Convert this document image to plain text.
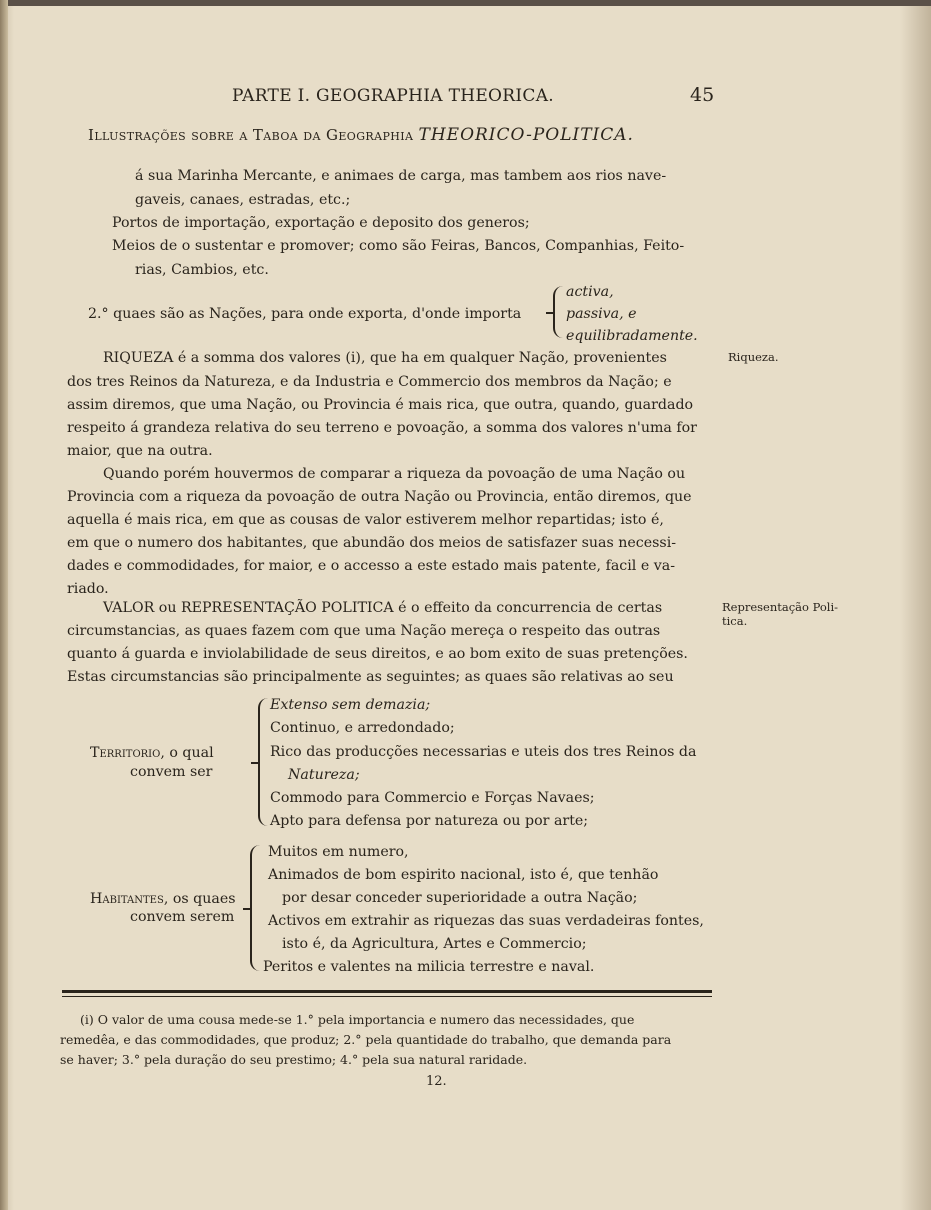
PARTE I. GEOGRAPHIA THEORICA.	45
Illustrações sobre a Taboa da Geographia THEORICO-POLITICA.
á sua Marinha Mercante, e animaes de carga, mas tambem aos rios nave-
gaveis, canaes, estradas, etc.;
Portos de importação, exportação e deposito dos generos;
Meios de o sustentar e promover; como são Feiras, Bancos, Companhias, Feito-
rias, Cambios, etc.
2.° quaes são as Nações, para onde exporta, d'onde importa
activa,
passiva, e
equilibradamente.
RIQUEZA é a somma dos valores (i), que ha em qualquer Nação, provenientes
dos tres Reinos da Natureza, e da Industria e Commercio dos membros da Nação; e
assim diremos, que uma Nação, ou Provincia é mais rica, que outra, quando, guardado
respeito á grandeza relativa do seu terreno e povoação, a somma dos valores n'uma for
maior, que na outra.
Riqueza.
Quando porém houvermos de comparar a riqueza da povoação de uma Nação ou
Provincia com a riqueza da povoação de outra Nação ou Provincia, então diremos, que
aquella é mais rica, em que as cousas de valor estiverem melhor repartidas; isto é,
em que o numero dos habitantes, que abundão dos meios de satisfazer suas necessi-
dades e commodidades, for maior, e o accesso a este estado mais patente, facil e va-
riado.
VALOR ou REPRESENTAÇÃO POLITICA é o effeito da concurrencia de certas
circumstancias, as quaes fazem com que uma Nação mereça o respeito das outras
quanto á guarda e inviolabilidade de seus direitos, e ao bom exito de suas pretenções.
Estas circumstancias são principalmente as seguintes; as quaes são relativas ao seu
Representação Poli-
tica.
Territorio, o qual
convem ser
Extenso sem demazia;
Continuo, e arredondado;
Rico das producções necessarias e uteis dos tres Reinos da
Natureza;
Commodo para Commercio e Forças Navaes;
Apto para defensa por natureza ou por arte;
Habitantes, os quaes
convem serem
Muitos em numero,
Animados de bom espirito nacional, isto é, que tenhão
por desar conceder superioridade a outra Nação;
Activos em extrahir as riquezas das suas verdadeiras fontes,
isto é, da Agricultura, Artes e Commercio;
Peritos e valentes na milicia terrestre e naval.
(i) O valor de uma cousa mede-se 1.° pela importancia e numero das necessidades, que
remedêa, e das commodidades, que produz; 2.° pela quantidade do trabalho, que demanda para
se haver; 3.° pela duração do seu prestimo; 4.° pela sua natural raridade.
12.
